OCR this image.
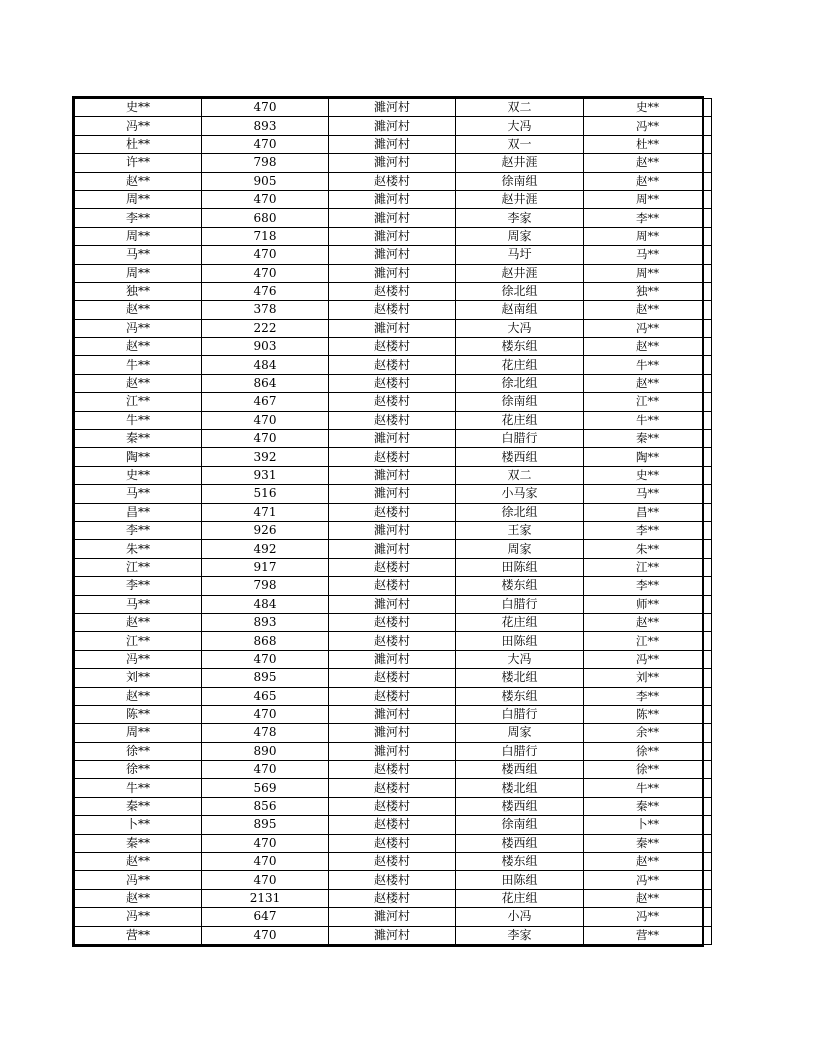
史**	470	濉河村	双二	史**
冯**	893	濉河村	大冯	冯**
杜**	470	濉河村	双一	杜**
许**	798	濉河村	赵井涯	赵**
赵**	905	赵楼村	徐南组	赵**
周**	470	濉河村	赵井涯	周**
李**	680	濉河村	李家	李**
周**	718	濉河村	周家	周**
马**	470	濉河村	马圩	马**
周**	470	濉河村	赵井涯	周**
独**	476	赵楼村	徐北组	独**
赵**	378	赵楼村	赵南组	赵**
冯**	222	濉河村	大冯	冯**
赵**	903	赵楼村	楼东组	赵**
牛**	484	赵楼村	花庄组	牛**
赵**	864	赵楼村	徐北组	赵**
江**	467	赵楼村	徐南组	江**
牛**	470	赵楼村	花庄组	牛**
秦**	470	濉河村	白腊行	秦**
陶**	392	赵楼村	楼西组	陶**
史**	931	濉河村	双二	史**
马**	516	濉河村	小马家	马**
昌**	471	赵楼村	徐北组	昌**
李**	926	濉河村	王家	李**
朱**	492	濉河村	周家	朱**
江**	917	赵楼村	田陈组	江**
李**	798	赵楼村	楼东组	李**
马**	484	濉河村	白腊行	师**
赵**	893	赵楼村	花庄组	赵**
江**	868	赵楼村	田陈组	江**
冯**	470	濉河村	大冯	冯**
刘**	895	赵楼村	楼北组	刘**
赵**	465	赵楼村	楼东组	李**
陈**	470	濉河村	白腊行	陈**
周**	478	濉河村	周家	余**
徐**	890	濉河村	白腊行	徐**
徐**	470	赵楼村	楼西组	徐**
牛**	569	赵楼村	楼北组	牛**
秦**	856	赵楼村	楼西组	秦**
卜**	895	赵楼村	徐南组	卜**
秦**	470	赵楼村	楼西组	秦**
赵**	470	赵楼村	楼东组	赵**
冯**	470	赵楼村	田陈组	冯**
赵**	2131	赵楼村	花庄组	赵**
冯**	647	濉河村	小冯	冯**
营**	470	濉河村	李家	营**
